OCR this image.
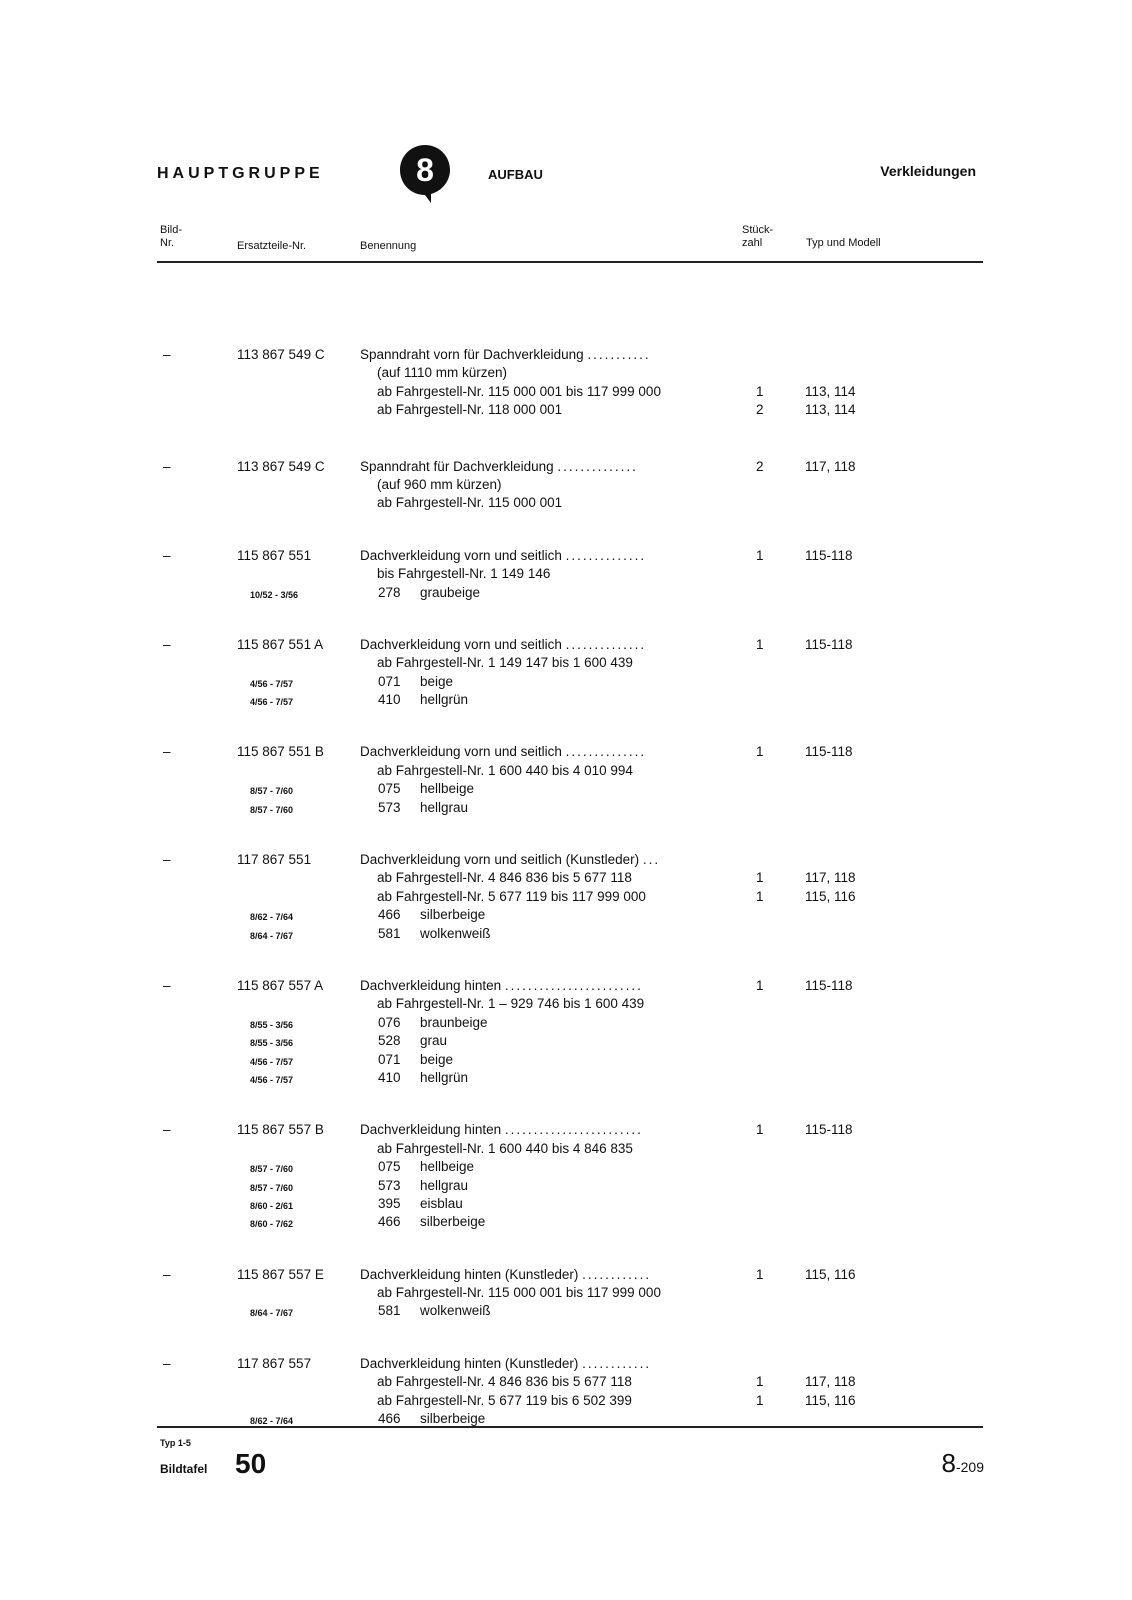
HAUPTGRUPPE	8	AUFBAU	Verkleidungen
Bild-
Nr.	Ersatzteile-Nr.	Benennung
Stück-
zahl	Typ und Modell
–	113 867 549 C	Spanndraht vorn für Dachverkleidung ...........
(auf 1110 mm kürzen)
ab Fahrgestell-Nr. 115 000 001 bis 117 999 000	1	113, 114
ab Fahrgestell-Nr. 118 000 001	2	113, 114
–	113 867 549 C	Spanndraht für Dachverkleidung ..............	2	117, 118
(auf 960 mm kürzen)
ab Fahrgestell-Nr. 115 000 001
–	115 867 551	Dachverkleidung vorn und seitlich ..............	1	115-118
bis Fahrgestell-Nr. 1 149 146
10/52 - 3/56	278 graubeige
–	115 867 551 A	Dachverkleidung vorn und seitlich ..............	1	115-118
ab Fahrgestell-Nr. 1 149 147 bis 1 600 439
4/56 - 7/57	071 beige
4/56 - 7/57	410 hellgrün
–	115 867 551 B	Dachverkleidung vorn und seitlich ..............	1	115-118
ab Fahrgestell-Nr. 1 600 440 bis 4 010 994
8/57 - 7/60	075 hellbeige
8/57 - 7/60	573 hellgrau
–	117 867 551	Dachverkleidung vorn und seitlich (Kunstleder) ...
ab Fahrgestell-Nr. 4 846 836 bis 5 677 118	1	117, 118
ab Fahrgestell-Nr. 5 677 119 bis 117 999 000	1	115, 116
8/62 - 7/64	466 silberbeige
8/64 - 7/67	581 wolkenweiß
–	115 867 557 A	Dachverkleidung hinten ........................	1	115-118
ab Fahrgestell-Nr. 1 – 929 746 bis 1 600 439
8/55 - 3/56	076 braunbeige
8/55 - 3/56	528 grau
4/56 - 7/57	071 beige
4/56 - 7/57	410 hellgrün
–	115 867 557 B	Dachverkleidung hinten ........................	1	115-118
ab Fahrgestell-Nr. 1 600 440 bis 4 846 835
8/57 - 7/60	075 hellbeige
8/57 - 7/60	573 hellgrau
8/60 - 2/61	395 eisblau
8/60 - 7/62	466 silberbeige
–	115 867 557 E	Dachverkleidung hinten (Kunstleder) ............	1	115, 116
ab Fahrgestell-Nr. 115 000 001 bis 117 999 000
8/64 - 7/67	581 wolkenweiß
–	117 867 557	Dachverkleidung hinten (Kunstleder) ............
ab Fahrgestell-Nr. 4 846 836 bis 5 677 118	1	117, 118
ab Fahrgestell-Nr. 5 677 119 bis 6 502 399	1	115, 116
8/62 - 7/64	466 silberbeige
Typ 1-5
Bildtafel 50	8-209
